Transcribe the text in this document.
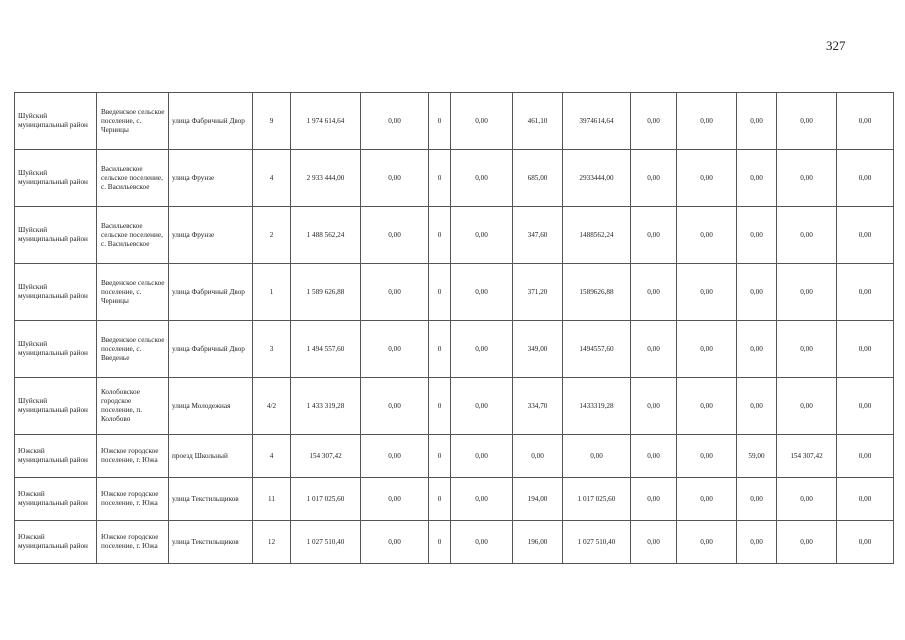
327
Шуйский муниципальный район	Введенское сельское поселение, с. Черницы	улица Фабричный Двор	9	1 974 614,64	0,00	0	0,00	461,10	3974614,64	0,00	0,00	0,00	0,00	0,00
Шуйский муниципальный район	Васильевское сельское поселение, с. Васильевское	улица Фрунзе	4	2 933 444,00	0,00	0	0,00	685,00	2933444,00	0,00	0,00	0,00	0,00	0,00
Шуйский муниципальный район	Васильевское сельское поселение, с. Васильевское	улица Фрунзе	2	1 488 562,24	0,00	0	0,00	347,60	1488562,24	0,00	0,00	0,00	0,00	0,00
Шуйский муниципальный район	Введенское сельское поселение, с. Черницы	улица Фабричный Двор	1	1 589 626,88	0,00	0	0,00	371,20	1589626,88	0,00	0,00	0,00	0,00	0,00
Шуйский муниципальный район	Введенское сельское поселение, с. Введенье	улица Фабричный Двор	3	1 494 557,60	0,00	0	0,00	349,00	1494557,60	0,00	0,00	0,00	0,00	0,00
Шуйский муниципальный район	Колобовское городское поселение, п. Колобово	улица Молодежная	4/2	1 433 319,28	0,00	0	0,00	334,70	1433319,28	0,00	0,00	0,00	0,00	0,00
Южский муниципальный район	Южское городское поселение, г. Южа	проезд Школьный	4	154 307,42	0,00	0	0,00	0,00	0,00	0,00	0,00	59,00	154 307,42	0,00
Южский муниципальный район	Южское городское поселение, г. Южа	улица Текстильщиков	11	1 017 025,60	0,00	0	0,00	194,00	1 017 025,60	0,00	0,00	0,00	0,00	0,00
Южский муниципальный район	Южское городское поселение, г. Южа	улица Текстильщиков	12	1 027 510,40	0,00	0	0,00	196,00	1 027 510,40	0,00	0,00	0,00	0,00	0,00
